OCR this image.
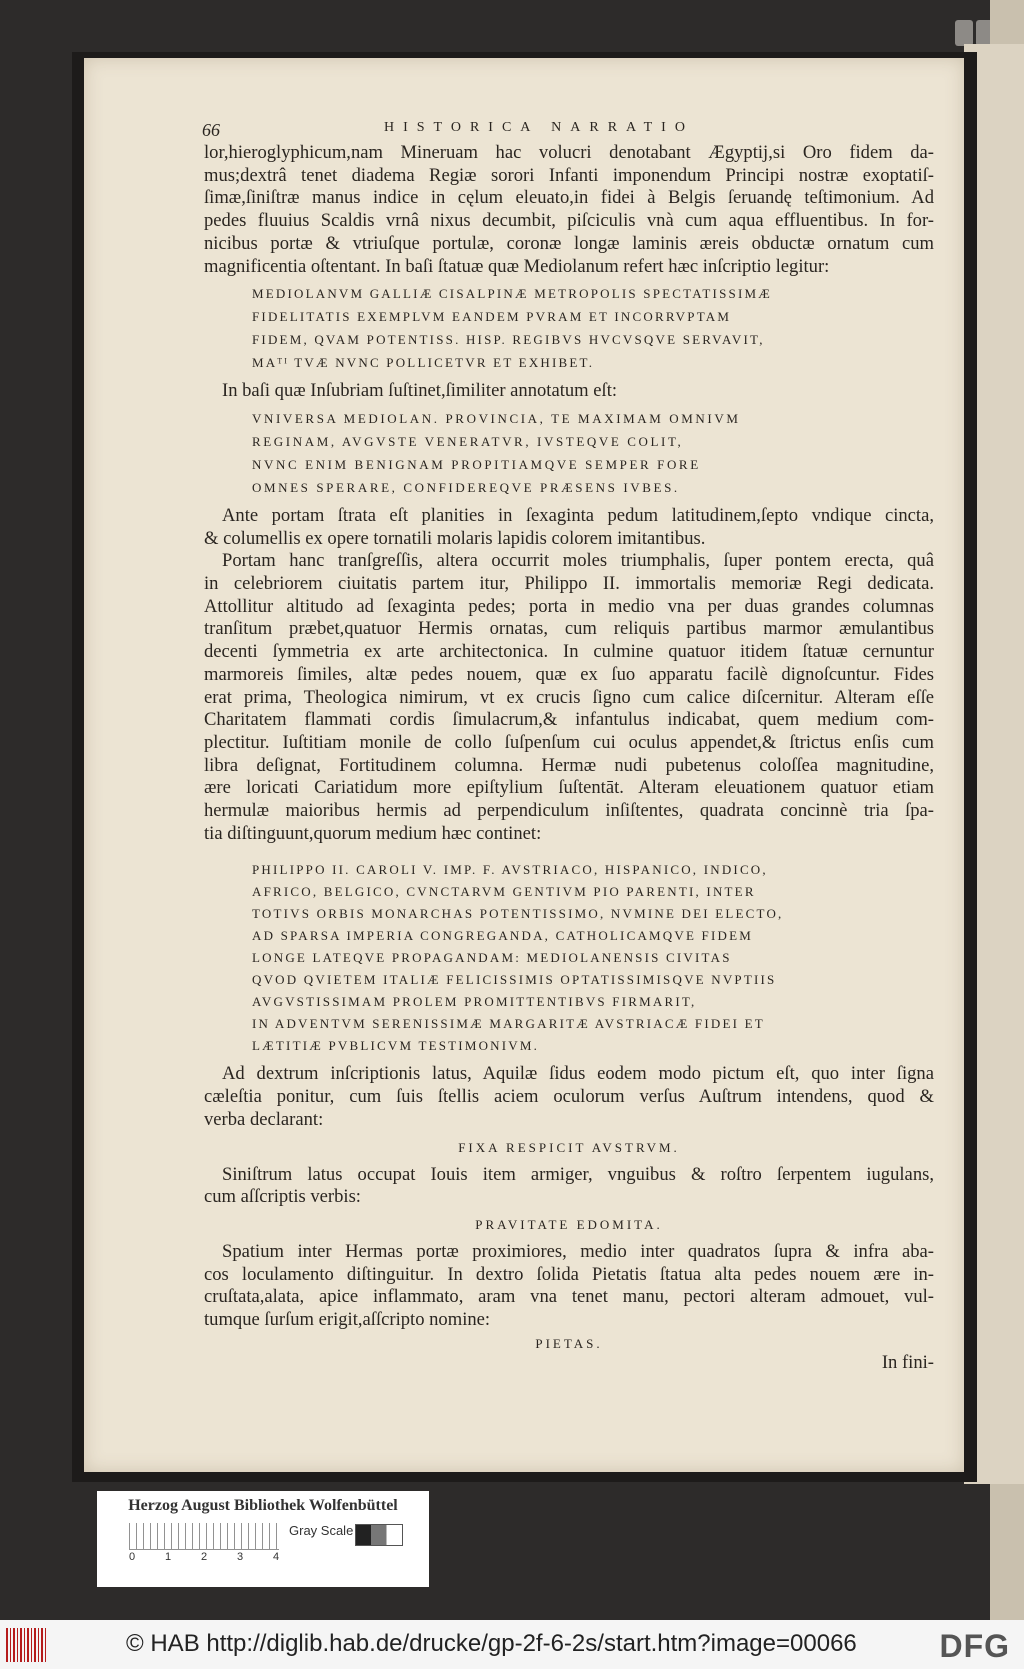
66	HISTORICA NARRATIO

lor,hieroglyphicum,nam Mineruam hac volucri denotabant Ægyptij,si Oro fidem da-
mus;dextrâ tenet diadema Regiæ sorori Infanti imponendum Principi nostræ exoptatiſ-
ſimæ,ſiniſtræ manus indice in cęlum eleuato,in fidei à Belgis ſeruandę teſtimonium. Ad
pedes fluuius Scaldis vrnâ nixus decumbit, piſciculis vnà cum aqua effluentibus. In for-
nicibus portæ & vtriuſque portulæ, coronæ longæ laminis æreis obductæ ornatum cum
magnificentia oſtentant. In baſi ſtatuæ quæ Mediolanum refert hæc inſcriptio legitur:

MEDIOLANVM GALLIÆ CISALPINÆ METROPOLIS SPECTATISSIMÆ
FIDELITATIS EXEMPLVM EANDEM PVRAM ET INCORRVPTAM
FIDEM, QVAM POTENTISS. HISP. REGIBVS HVCVSQVE SERVAVIT,
MAᵀᴵ TVÆ NVNC POLLICETVR ET EXHIBET.

In baſi quæ Inſubriam ſuſtinet,ſimiliter annotatum eſt:

VNIVERSA MEDIOLAN. PROVINCIA, TE MAXIMAM OMNIVM
REGINAM, AVGVSTE VENERATVR, IVSTEQVE COLIT,
NVNC ENIM BENIGNAM PROPITIAMQVE SEMPER FORE
OMNES SPERARE, CONFIDEREQVE PRÆSENS IVBES.

Ante portam ſtrata eſt planities in ſexaginta pedum latitudinem,ſepto vndique cincta,
& columellis ex opere tornatili molaris lapidis colorem imitantibus.

Portam hanc tranſgreſſis, altera occurrit moles triumphalis, ſuper pontem erecta, quâ
in celebriorem ciuitatis partem itur, Philippo II. immortalis memoriæ Regi dedicata.
Attollitur altitudo ad ſexaginta pedes; porta in medio vna per duas grandes columnas
tranſitum præbet,quatuor Hermis ornatas, cum reliquis partibus marmor æmulantibus
decenti ſymmetria ex arte architectonica. In culmine quatuor itidem ſtatuæ cernuntur
marmoreis ſimiles, altæ pedes nouem, quæ ex ſuo apparatu facilè dignoſcuntur. Fides
erat prima, Theologica nimirum, vt ex crucis ſigno cum calice diſcernitur. Alteram eſſe
Charitatem flammati cordis ſimulacrum,& infantulus indicabat, quem medium com-
plectitur. Iuſtitiam monile de collo ſuſpenſum cui oculus appendet,& ſtrictus enſis cum
libra deſignat, Fortitudinem columna. Hermæ nudi pubetenus coloſſea magnitudine,
ære loricati Cariatidum more epiſtylium ſuſtentāt. Alteram eleuationem quatuor etiam
hermulæ maioribus hermis ad perpendiculum inſiſtentes, quadrata concinnè tria ſpa-
tia diſtinguunt,quorum medium hæc continet:

PHILIPPO II. CAROLI V. IMP. F. AVSTRIACO, HISPANICO, INDICO,
AFRICO, BELGICO, CVNCTARVM GENTIVM PIO PARENTI, INTER
TOTIVS ORBIS MONARCHAS POTENTISSIMO, NVMINE DEI ELECTO,
AD SPARSA IMPERIA CONGREGANDA, CATHOLICAMQVE FIDEM
LONGE LATEQVE PROPAGANDAM: MEDIOLANENSIS CIVITAS
QVOD QVIETEM ITALIÆ FELICISSIMIS OPTATISSIMISQVE NVPTIIS
AVGVSTISSIMAM PROLEM PROMITTENTIBVS FIRMARIT,
IN ADVENTVM SERENISSIMÆ MARGARITÆ AVSTRIACÆ FIDEI ET
LÆTITIÆ PVBLICVM TESTIMONIVM.

Ad dextrum inſcriptionis latus, Aquilæ ſidus eodem modo pictum eſt, quo inter ſigna
cæleſtia ponitur, cum ſuis ſtellis aciem oculorum verſus Auſtrum intendens, quod &
verba declarant:

FIXA RESPICIT AVSTRVM.

Siniſtrum latus occupat Iouis item armiger, vnguibus & roſtro ſerpentem iugulans,
cum aſſcriptis verbis:

PRAVITATE EDOMITA.

Spatium inter Hermas portæ proximiores, medio inter quadratos ſupra & infra aba-
cos loculamento diſtinguitur. In dextro ſolida Pietatis ſtatua alta pedes nouem ære in-
cruſtata,alata, apice inflammato, aram vna tenet manu, pectori alteram admouet, vul-
tumque ſurſum erigit,aſſcripto nomine:

PIETAS.
In fini-
Herzog August Bibliothek Wolfenbüttel
0	1	2	3	4
Gray Scale
© HAB http://diglib.hab.de/drucke/gp-2f-6-2s/start.htm?image=00066	DFG
